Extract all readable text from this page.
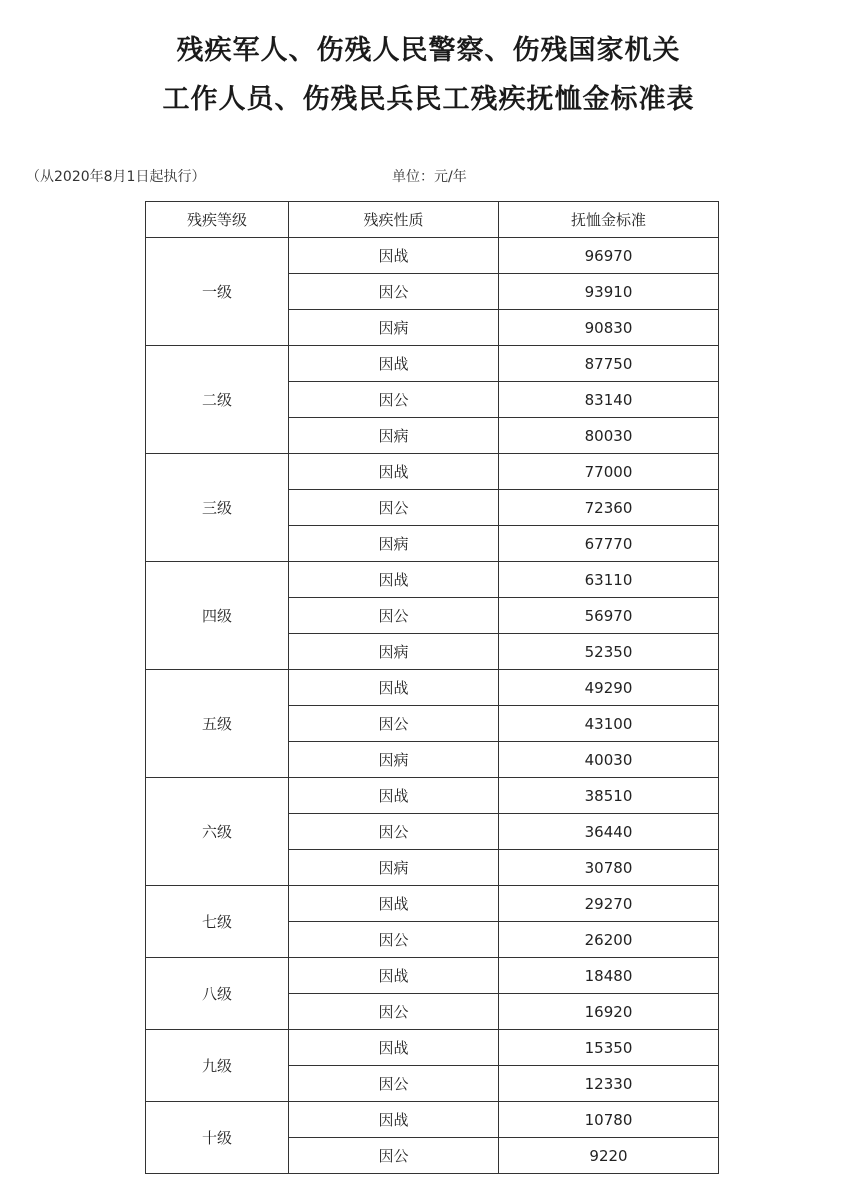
残疾军人、伤残人民警察、伤残国家机关
工作人员、伤残民兵民工残疾抚恤金标准表
（从2020年8月1日起执行）	单位：元/年
残疾等级	残疾性质	抚恤金标准
一级	因战	96970
	因公	93910
	因病	90830
二级	因战	87750
	因公	83140
	因病	80030
三级	因战	77000
	因公	72360
	因病	67770
四级	因战	63110
	因公	56970
	因病	52350
五级	因战	49290
	因公	43100
	因病	40030
六级	因战	38510
	因公	36440
	因病	30780
七级	因战	29270
	因公	26200
八级	因战	18480
	因公	16920
九级	因战	15350
	因公	12330
十级	因战	10780
	因公	9220
